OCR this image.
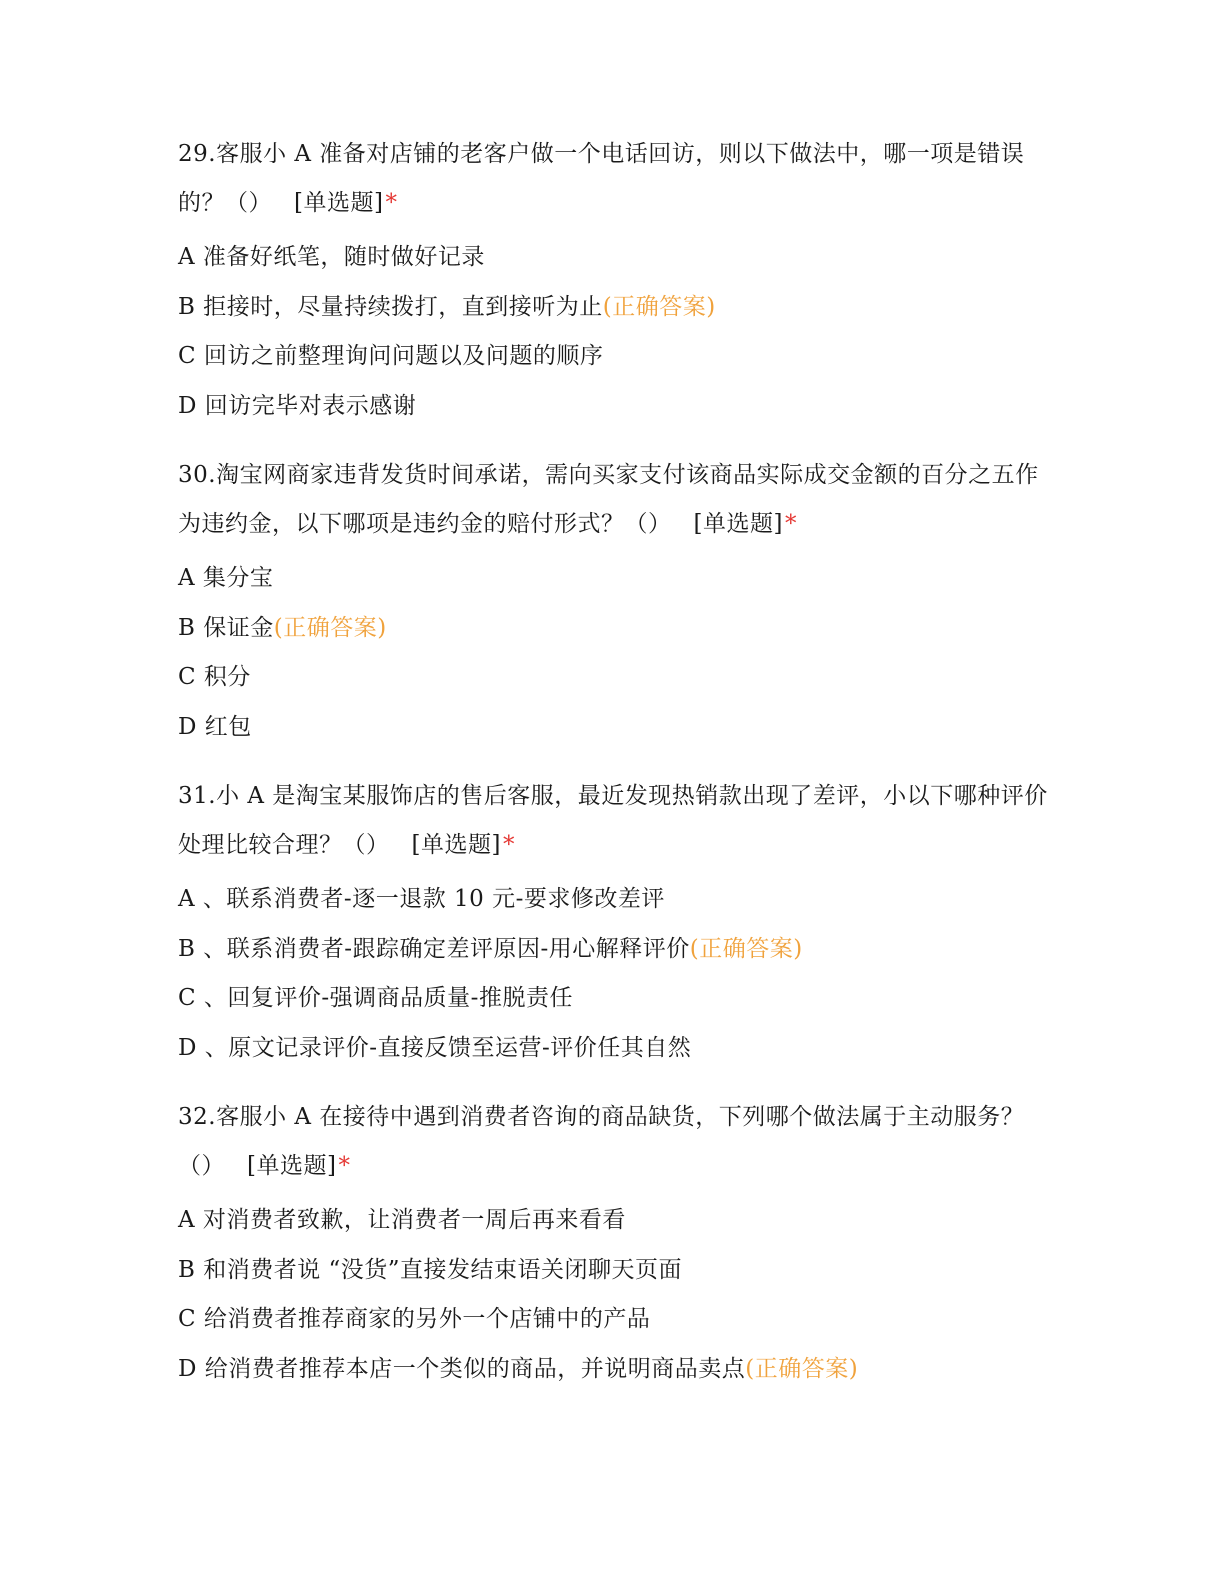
29.客服小 A 准备对店铺的老客户做一个电话回访，则以下做法中，哪一项是错误的？（） [单选题]*

A 准备好纸笔，随时做好记录

B 拒接时，尽量持续拨打，直到接听为止(正确答案)

C 回访之前整理询问问题以及问题的顺序

D 回访完毕对表示感谢

30.淘宝网商家违背发货时间承诺，需向买家支付该商品实际成交金额的百分之五作为违约金，以下哪项是违约金的赔付形式？（） [单选题]*

A 集分宝

B 保证金(正确答案)

C 积分

D 红包

31.小 A 是淘宝某服饰店的售后客服，最近发现热销款出现了差评，小以下哪种评价处理比较合理？（） [单选题]*

A 、联系消费者-逐一退款 10 元-要求修改差评

B 、联系消费者-跟踪确定差评原因-用心解释评价(正确答案)

C 、回复评价-强调商品质量-推脱责任

D 、原文记录评价-直接反馈至运营-评价任其自然

32.客服小 A 在接待中遇到消费者咨询的商品缺货，下列哪个做法属于主动服务？（） [单选题]*

A 对消费者致歉，让消费者一周后再来看看

B 和消费者说 “没货”直接发结束语关闭聊天页面

C 给消费者推荐商家的另外一个店铺中的产品

D 给消费者推荐本店一个类似的商品，并说明商品卖点(正确答案)
